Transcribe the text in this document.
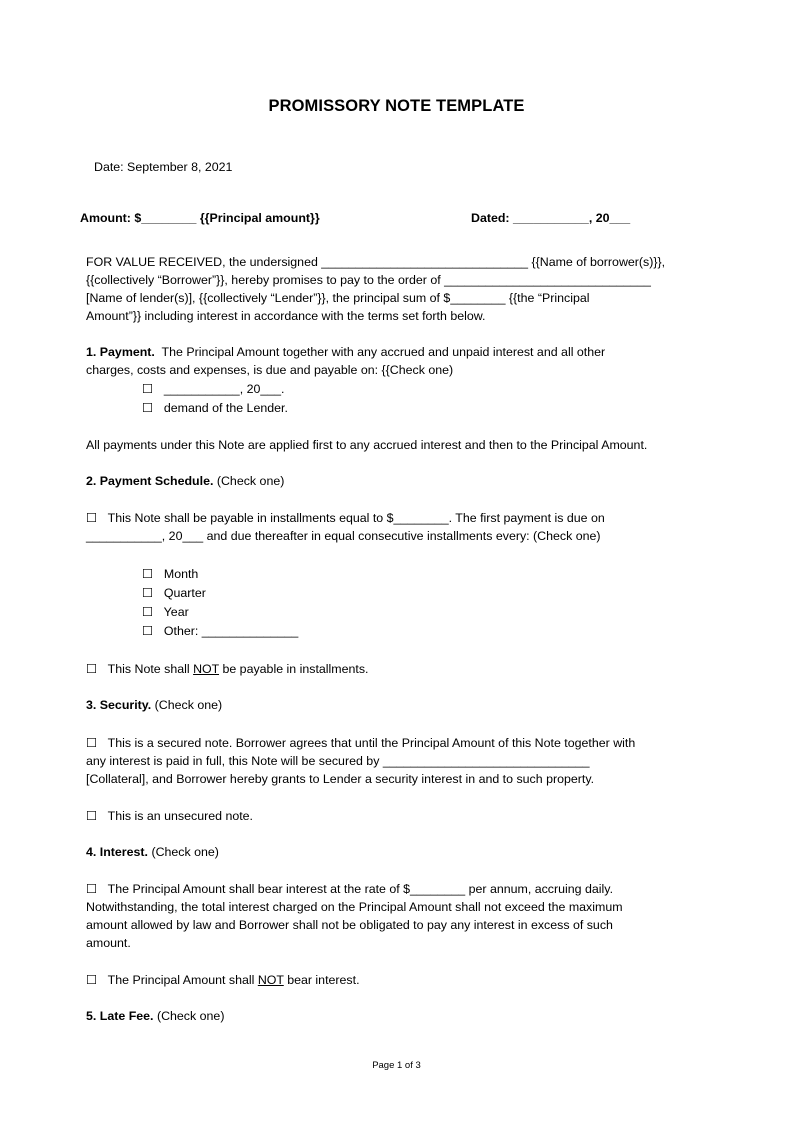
PROMISSORY NOTE TEMPLATE
Date: September 8, 2021
Amount: $________ {{Principal amount}}	Dated: ___________, 20___
FOR VALUE RECEIVED, the undersigned ______________________________ {{Name of borrower(s)}},
{{collectively “Borrower”}}, hereby promises to pay to the order of ______________________________
[Name of lender(s)], {{collectively “Lender”}}, the principal sum of $________ {{the “Principal
Amount”}} including interest in accordance with the terms set forth below.
1. Payment. The Principal Amount together with any accrued and unpaid interest and all other
charges, costs and expenses, is due and payable on: {{Check one)
☐ ___________, 20___.
☐ demand of the Lender.
All payments under this Note are applied first to any accrued interest and then to the Principal Amount.
2. Payment Schedule. (Check one)
☐ This Note shall be payable in installments equal to $________. The first payment is due on
___________, 20___ and due thereafter in equal consecutive installments every: (Check one)
☐ Month
☐ Quarter
☐ Year
☐ Other: ______________
☐ This Note shall NOT be payable in installments.
3. Security. (Check one)
☐ This is a secured note. Borrower agrees that until the Principal Amount of this Note together with
any interest is paid in full, this Note will be secured by ______________________________
[Collateral], and Borrower hereby grants to Lender a security interest in and to such property.
☐ This is an unsecured note.
4. Interest. (Check one)
☐ The Principal Amount shall bear interest at the rate of $________ per annum, accruing daily.
Notwithstanding, the total interest charged on the Principal Amount shall not exceed the maximum
amount allowed by law and Borrower shall not be obligated to pay any interest in excess of such
amount.
☐ The Principal Amount shall NOT bear interest.
5. Late Fee. (Check one)
Page 1 of 3
